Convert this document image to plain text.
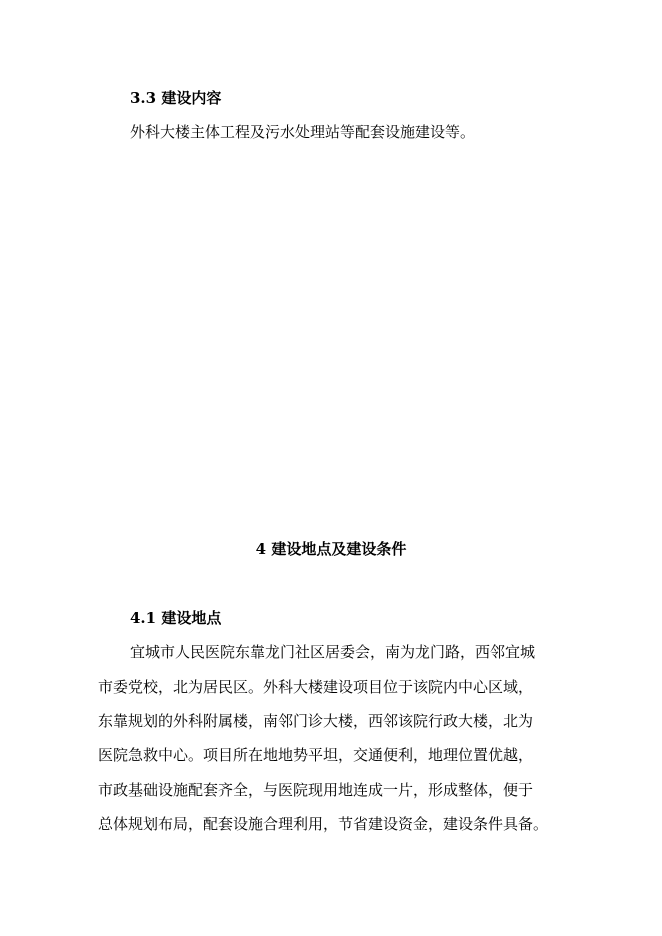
3.3 建设内容
外科大楼主体工程及污水处理站等配套设施建设等。
4 建设地点及建设条件
4.1 建设地点
宜城市人民医院东靠龙门社区居委会，南为龙门路，西邻宜城
市委党校，北为居民区。外科大楼建设项目位于该院内中心区域，
东靠规划的外科附属楼，南邻门诊大楼，西邻该院行政大楼，北为
医院急救中心。项目所在地地势平坦，交通便利，地理位置优越，
市政基础设施配套齐全，与医院现用地连成一片，形成整体，便于
总体规划布局，配套设施合理利用，节省建设资金，建设条件具备。
